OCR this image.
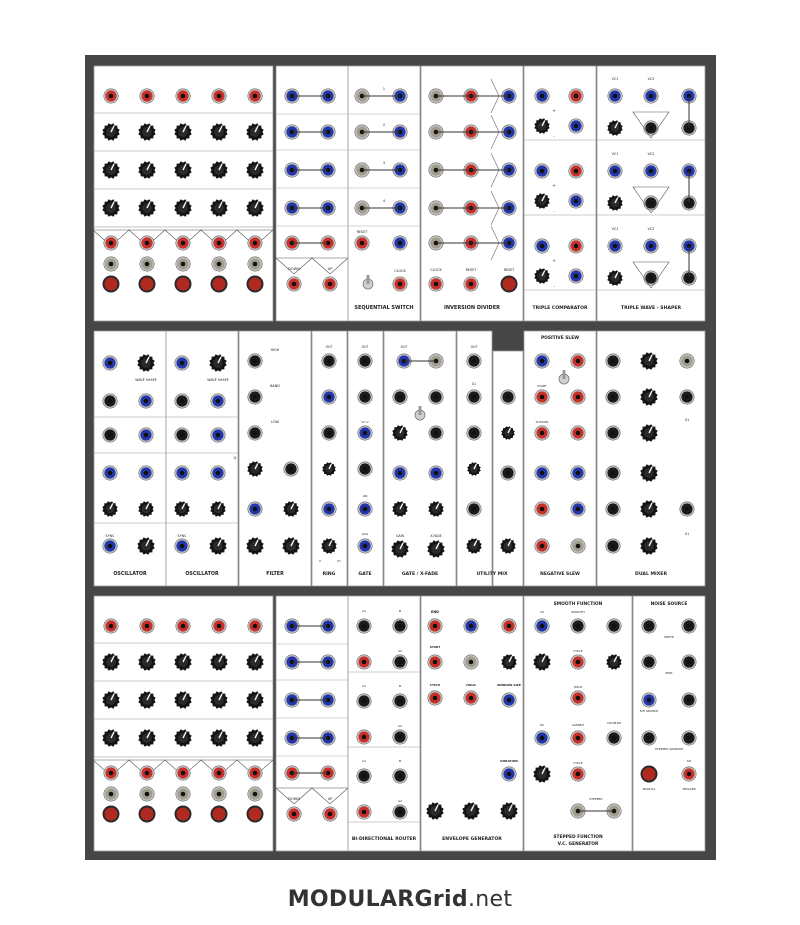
DOWN	UP
1
2
3
4
RESET
CLOCK
SEQUENTIAL SWITCH
CLOCK	RESET	RESET
INVERSION DIVIDER
+
-
+
-
+
-
TRIPLE COMPARATOR
VC1	VC2
VC1	VC2
VC1	VC2
TRIPLE WAVE - SHAPER
WAVE SHAPE
SYNC
OSCILLATOR
WAVE SHAPE
SYNC
OSCILLATOR
HIGH
BAND
LOW
Q
FILTER
OUT
X	XY
RING
OUT
VC V
LIN
LOG
GATE
OUT
GAIN	X-FADE
GATE / X-FADE
OUT
X1
UTILITY MIX
POSITIVE SLEW
START
SUSTAIN
NEGATIVE SLEW
X1
X1
DUAL MIXER
DOWN	UP
A1	B
A2
A1	B
A2
A1	B
A2
BI-DIRECTIONAL ROUTER
END
START
CYCLE	HOLD	WINDOW SIZE
DURATION
ENVELOPE GENERATOR
SMOOTH FUNCTION
VC	SMOOTH
CYCLE
HOLD
COUPLER
PS	SAMPLE
CYCLE
STEPPED
STEPPED FUNCTION
V.C. GENERATOR
NOISE SOURCE
WHITE
PINK
S/H SOURCE
STEPPED RANDOM
SH
MANUAL	TRIGGER
MODULARGrid.net
